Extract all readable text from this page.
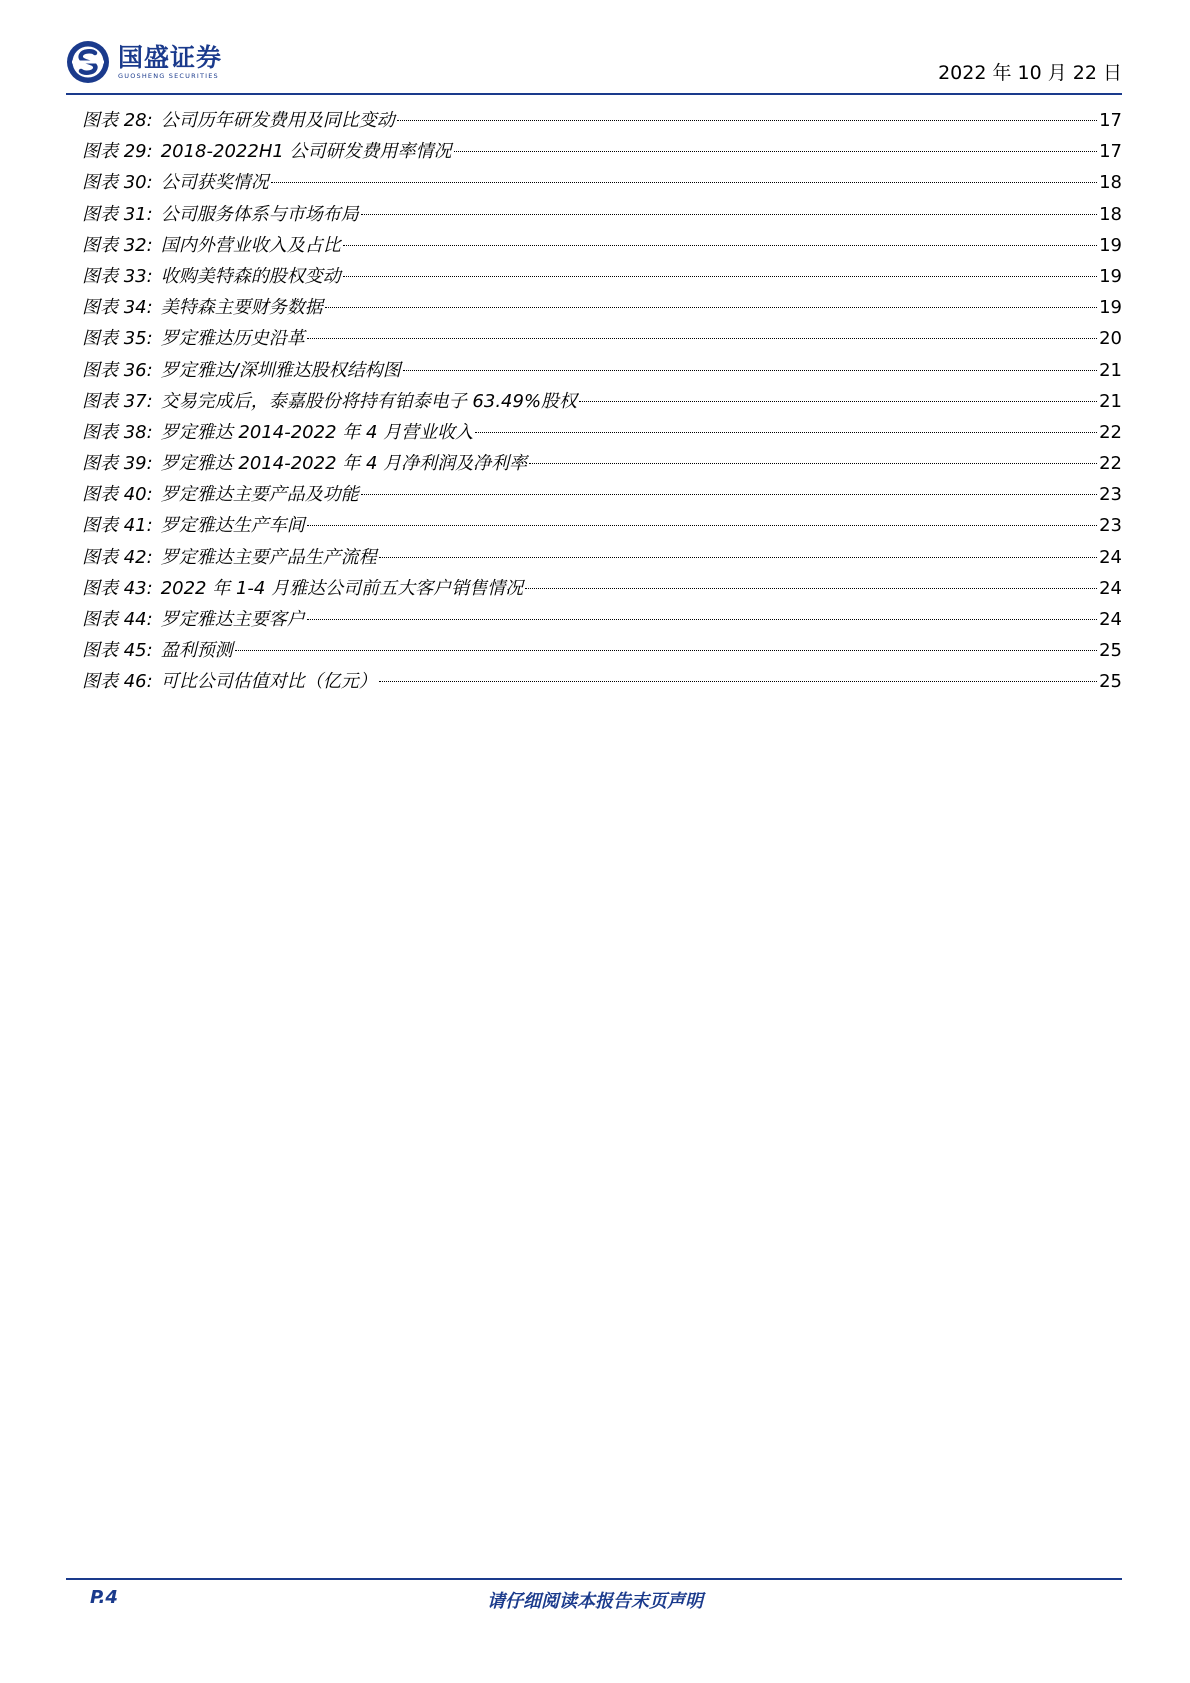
国盛证券
GUOSHENG SECURITIES	2022 年 10 月 22 日
图表 28: 公司历年研发费用及同比变动	17
图表 29: 2018-2022H1 公司研发费用率情况	17
图表 30: 公司获奖情况	18
图表 31: 公司服务体系与市场布局	18
图表 32: 国内外营业收入及占比	19
图表 33: 收购美特森的股权变动	19
图表 34: 美特森主要财务数据	19
图表 35: 罗定雅达历史沿革	20
图表 36: 罗定雅达/深圳雅达股权结构图	21
图表 37: 交易完成后，泰嘉股份将持有铂泰电子 63.49%股权	21
图表 38: 罗定雅达 2014-2022 年 4 月营业收入	22
图表 39: 罗定雅达 2014-2022 年 4 月净利润及净利率	22
图表 40: 罗定雅达主要产品及功能	23
图表 41: 罗定雅达生产车间	23
图表 42: 罗定雅达主要产品生产流程	24
图表 43: 2022 年 1-4 月雅达公司前五大客户销售情况	24
图表 44: 罗定雅达主要客户	24
图表 45: 盈利预测	25
图表 46: 可比公司估值对比（亿元）	25
P.4	请仔细阅读本报告末页声明
